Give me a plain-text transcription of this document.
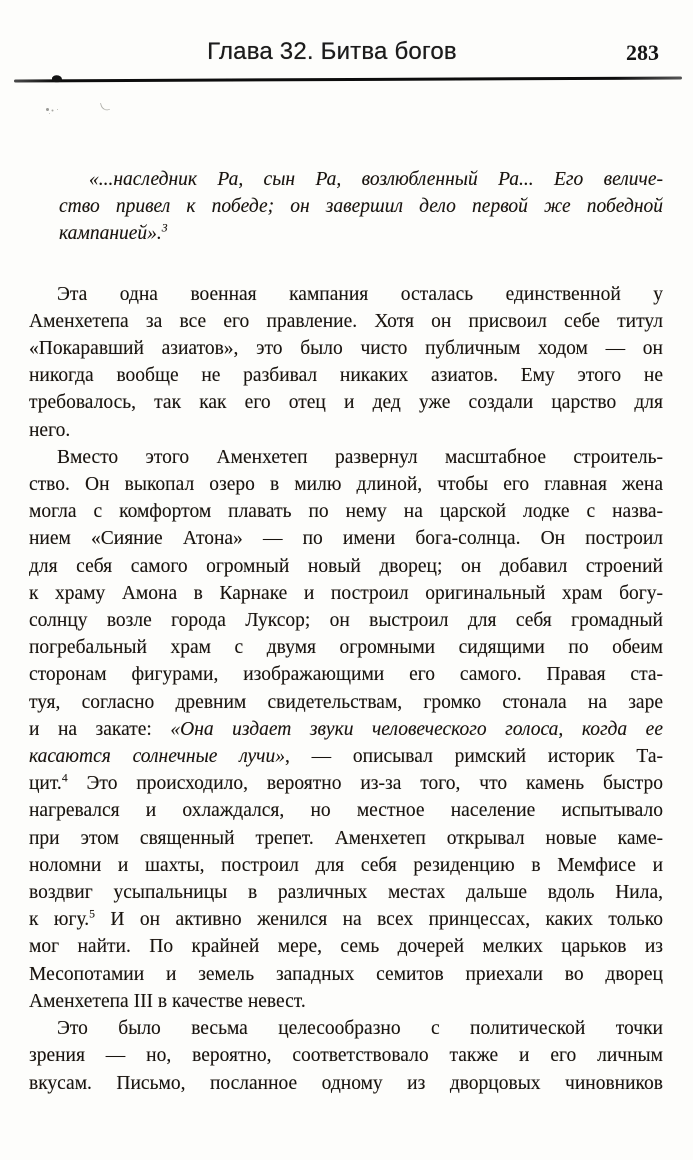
Глава 32. Битва богов	283
«...наследник Ра, сын Ра, возлюбленный Ра... Его величе-
ство привел к победе; он завершил дело первой же победной
кампанией».$^3$
Эта одна военная кампания осталась единственной у
Аменхетепа за все его правление. Хотя он присвоил себе титул
«Покаравший азиатов», это было чисто публичным ходом — он
никогда вообще не разбивал никаких азиатов. Ему этого не
требовалось, так как его отец и дед уже создали царство для
него.
Вместо этого Аменхетеп развернул масштабное строитель-
ство. Он выкопал озеро в милю длиной, чтобы его главная жена
могла с комфортом плавать по нему на царской лодке с назва-
нием «Сияние Атона» — по имени бога-солнца. Он построил
для себя самого огромный новый дворец; он добавил строений
к храму Амона в Карнаке и построил оригинальный храм богу-
солнцу возле города Луксор; он выстроил для себя громадный
погребальный храм с двумя огромными сидящими по обеим
сторонам фигурами, изображающими его самого. Правая ста-
туя, согласно древним свидетельствам, громко стонала на заре
и на закате: «Она издает звуки человеческого голоса, когда ее
касаются солнечные лучи», — описывал римский историк Та-
цит.$^4$ Это происходило, вероятно из-за того, что камень быстро
нагревался и охлаждался, но местное население испытывало
при этом священный трепет. Аменхетеп открывал новые каме-
ноломни и шахты, построил для себя резиденцию в Мемфисе и
воздвиг усыпальницы в различных местах дальше вдоль Нила,
к югу.$^5$ И он активно женился на всех принцессах, каких только
мог найти. По крайней мере, семь дочерей мелких царьков из
Месопотамии и земель западных семитов приехали во дворец
Аменхетепа III в качестве невест.
Это было весьма целесообразно с политической точки
зрения — но, вероятно, соответствовало также и его личным
вкусам. Письмо, посланное одному из дворцовых чиновников
